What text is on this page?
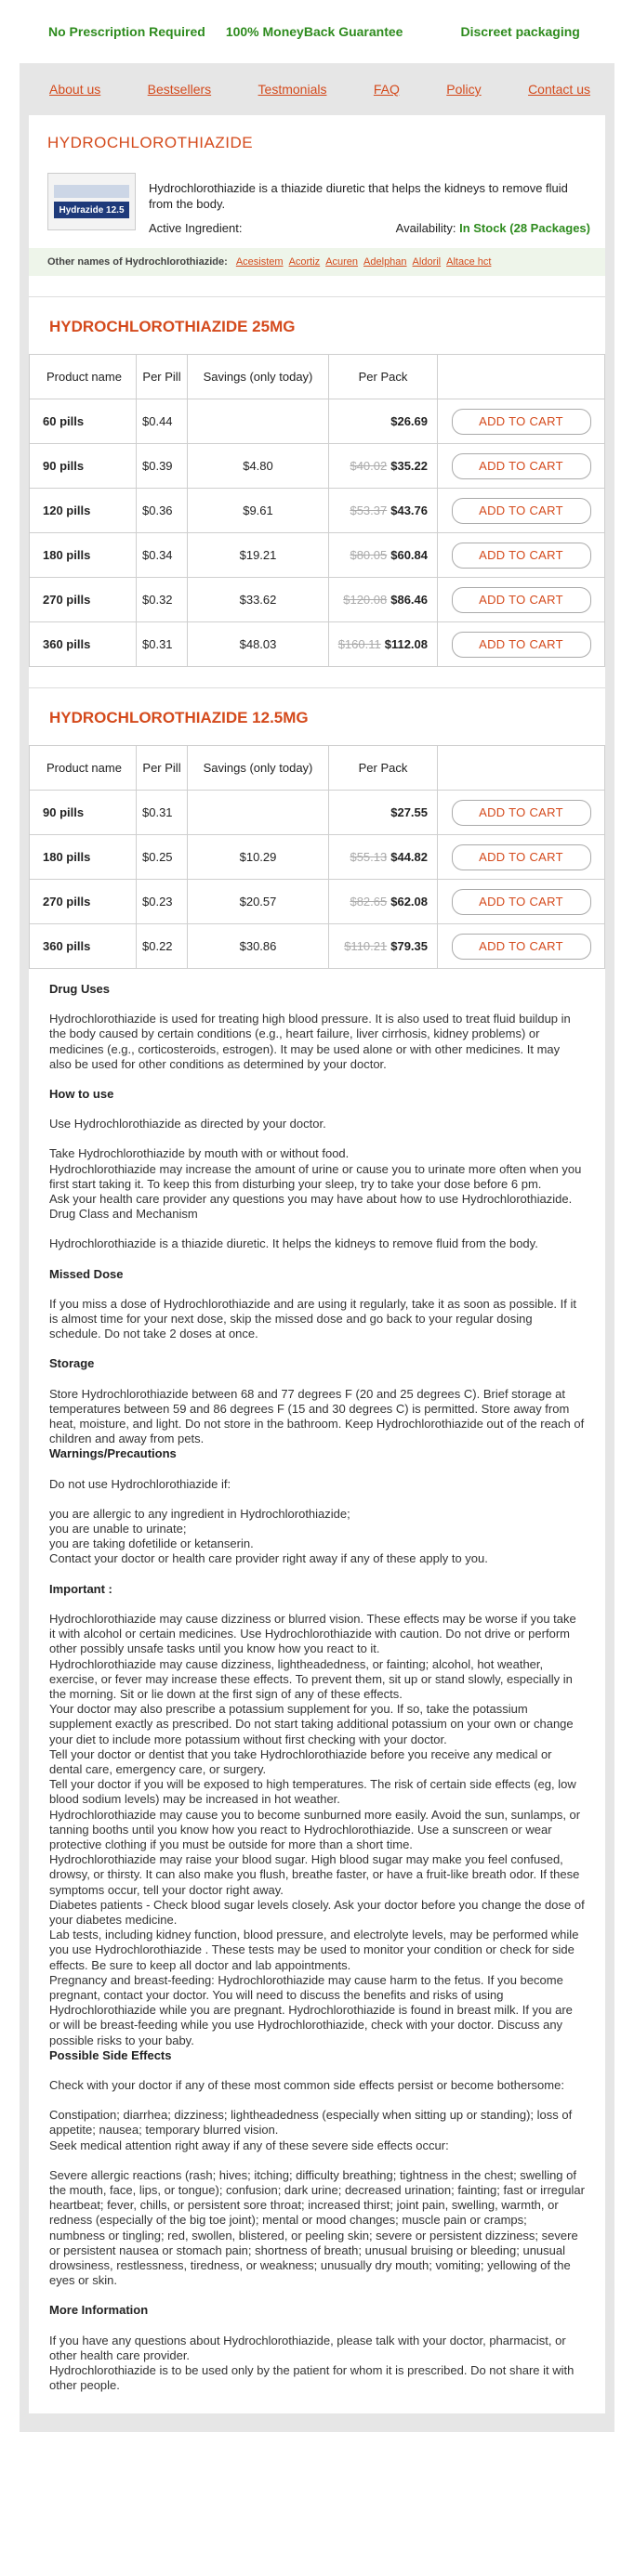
No Prescription Required 100% MoneyBack Guarantee	Discreet packaging
About us	Bestsellers	Testmonials	FAQ	Policy	Contact us
HYDROCHLOROTHIAZIDE
Hydrazide 12.5

Hydrochlorothiazide is a thiazide diuretic that helps the kidneys to remove fluid from the body.

Active Ingredient:	Availability: In Stock (28 Packages)
Other names of Hydrochlorothiazide: Acesistem Acortiz Acuren Adelphan Aldoril Altace hct
HYDROCHLOROTHIAZIDE 25MG
Product name	Per Pill	Savings (only today)	Per Pack	
60 pills	$0.44		$26.69	ADD TO CART
90 pills	$0.39	$4.80	$40.02 $35.22	ADD TO CART
120 pills	$0.36	$9.61	$53.37 $43.76	ADD TO CART
180 pills	$0.34	$19.21	$80.05 $60.84	ADD TO CART
270 pills	$0.32	$33.62	$120.08 $86.46	ADD TO CART
360 pills	$0.31	$48.03	$160.11 $112.08	ADD TO CART
HYDROCHLOROTHIAZIDE 12.5MG
Product name	Per Pill	Savings (only today)	Per Pack	
90 pills	$0.31		$27.55	ADD TO CART
180 pills	$0.25	$10.29	$55.13 $44.82	ADD TO CART
270 pills	$0.23	$20.57	$82.65 $62.08	ADD TO CART
360 pills	$0.22	$30.86	$110.21 $79.35	ADD TO CART
Drug Uses

Hydrochlorothiazide is used for treating high blood pressure. It is also used to treat fluid buildup in the body caused by certain conditions (e.g., heart failure, liver cirrhosis, kidney problems) or medicines (e.g., corticosteroids, estrogen). It may be used alone or with other medicines. It may also be used for other conditions as determined by your doctor.

How to use

Use Hydrochlorothiazide as directed by your doctor.

Take Hydrochlorothiazide by mouth with or without food.

Hydrochlorothiazide may increase the amount of urine or cause you to urinate more often when you first start taking it. To keep this from disturbing your sleep, try to take your dose before 6 pm.

Ask your health care provider any questions you may have about how to use Hydrochlorothiazide.

Drug Class and Mechanism

Hydrochlorothiazide is a thiazide diuretic. It helps the kidneys to remove fluid from the body.

Missed Dose

If you miss a dose of Hydrochlorothiazide and are using it regularly, take it as soon as possible. If it is almost time for your next dose, skip the missed dose and go back to your regular dosing schedule. Do not take 2 doses at once.

Storage

Store Hydrochlorothiazide between 68 and 77 degrees F (20 and 25 degrees C). Brief storage at temperatures between 59 and 86 degrees F (15 and 30 degrees C) is permitted. Store away from heat, moisture, and light. Do not store in the bathroom. Keep Hydrochlorothiazide out of the reach of children and away from pets.

Warnings/Precautions

Do not use Hydrochlorothiazide if:

you are allergic to any ingredient in Hydrochlorothiazide;

you are unable to urinate;

you are taking dofetilide or ketanserin.

Contact your doctor or health care provider right away if any of these apply to you.

Important :

Hydrochlorothiazide may cause dizziness or blurred vision. These effects may be worse if you take it with alcohol or certain medicines. Use Hydrochlorothiazide with caution. Do not drive or perform other possibly unsafe tasks until you know how you react to it.

Hydrochlorothiazide may cause dizziness, lightheadedness, or fainting; alcohol, hot weather, exercise, or fever may increase these effects. To prevent them, sit up or stand slowly, especially in the morning. Sit or lie down at the first sign of any of these effects.

Your doctor may also prescribe a potassium supplement for you. If so, take the potassium supplement exactly as prescribed. Do not start taking additional potassium on your own or change your diet to include more potassium without first checking with your doctor.

Tell your doctor or dentist that you take Hydrochlorothiazide before you receive any medical or dental care, emergency care, or surgery.

Tell your doctor if you will be exposed to high temperatures. The risk of certain side effects (eg, low blood sodium levels) may be increased in hot weather.

Hydrochlorothiazide may cause you to become sunburned more easily. Avoid the sun, sunlamps, or tanning booths until you know how you react to Hydrochlorothiazide. Use a sunscreen or wear protective clothing if you must be outside for more than a short time.

Hydrochlorothiazide may raise your blood sugar. High blood sugar may make you feel confused, drowsy, or thirsty. It can also make you flush, breathe faster, or have a fruit-like breath odor. If these symptoms occur, tell your doctor right away.

Diabetes patients - Check blood sugar levels closely. Ask your doctor before you change the dose of your diabetes medicine.

Lab tests, including kidney function, blood pressure, and electrolyte levels, may be performed while you use Hydrochlorothiazide . These tests may be used to monitor your condition or check for side effects. Be sure to keep all doctor and lab appointments.

Pregnancy and breast-feeding: Hydrochlorothiazide may cause harm to the fetus. If you become pregnant, contact your doctor. You will need to discuss the benefits and risks of using Hydrochlorothiazide while you are pregnant. Hydrochlorothiazide is found in breast milk. If you are or will be breast-feeding while you use Hydrochlorothiazide, check with your doctor. Discuss any possible risks to your baby.

Possible Side Effects

Check with your doctor if any of these most common side effects persist or become bothersome:

Constipation; diarrhea; dizziness; lightheadedness (especially when sitting up or standing); loss of appetite; nausea; temporary blurred vision.

Seek medical attention right away if any of these severe side effects occur:

Severe allergic reactions (rash; hives; itching; difficulty breathing; tightness in the chest; swelling of the mouth, face, lips, or tongue); confusion; dark urine; decreased urination; fainting; fast or irregular heartbeat; fever, chills, or persistent sore throat; increased thirst; joint pain, swelling, warmth, or redness (especially of the big toe joint); mental or mood changes; muscle pain or cramps; numbness or tingling; red, swollen, blistered, or peeling skin; severe or persistent dizziness; severe or persistent nausea or stomach pain; shortness of breath; unusual bruising or bleeding; unusual drowsiness, restlessness, tiredness, or weakness; unusually dry mouth; vomiting; yellowing of the eyes or skin.

More Information

If you have any questions about Hydrochlorothiazide, please talk with your doctor, pharmacist, or other health care provider.

Hydrochlorothiazide is to be used only by the patient for whom it is prescribed. Do not share it with other people.
